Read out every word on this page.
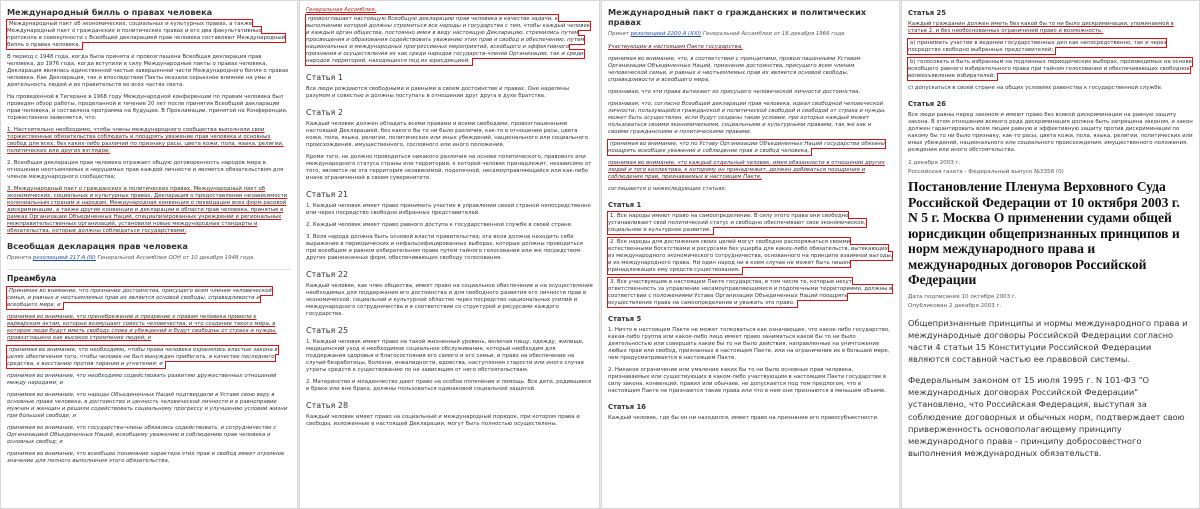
Международный билль о правах человека

Международный пакт об экономических, социальных и культурных правах, а также Международный пакт о гражданских и политических правах и его два факультативных протокола в совокупности с Всеобщей декларацией прав человека составляют Международный билль о правах человека.

В период с 1948 года, когда была принята и провозглашена Всеобщая декларация прав человека, до 1976 года, когда вступили в силу Международные пакты о правах человека, Декларация являлась единственной частью завершенной части Международного билля о правах человека. Как Декларация, так и впоследствии Пакты оказали серьезное влияние на умы и деятельность людей и их правительств во всех частях света.

На проведенной в Тегеране в 1968 году Международной конференции по правам человека был проведен обзор работы, проделанной в течение 20 лет после принятия Всеобщей декларации прав человека, и составлена программа на будущее. В Прокламации, принятой на Конференции, торжественно заявляется, что:

1. Настоятельно необходимо, чтобы члены международного сообщества выполняли свои торжественные обязательства соблюдать и поощрять уважение прав человека и основных свобод для всех, без каких-либо различий по признаку расы, цвета кожи, пола, языка, религии, политических или других взглядов;

2. Всеобщая декларация прав человека отражает общую договоренность народов мира в отношении неотъемлемых и нерушимых прав каждой личности и является обязательством для членов международного сообщества;

3. Международный пакт о гражданских и политических правах, Международный пакт об экономических, социальных и культурных правах, Декларация о предоставлении независимости колониальным странам и народам, Международная конвенция о ликвидации всех форм расовой дискриминации, а также другие конвенции и декларации в области прав человека, принятые в рамках Организации Объединенных Наций, специализированных учреждений и региональных межправительственных организаций, установили новые международные стандарты и обязательства, которые должны соблюдаться государствами;

Всеобщая декларация прав человека
Принята резолюцией 217 A (III) Генеральной Ассамблеи ООН от 10 декабря 1948 года
Преамбула

Принимая во внимание, что признание достоинства, присущего всем членам человеческой семьи, и равных и неотъемлемых прав их является основой свободы, справедливости и всеобщего мира; и

принимая во внимание, что пренебрежение и презрение к правам человека привели к варварским актам, которые возмущают совесть человечества, и что создание такого мира, в котором люди будут иметь свободу слова и убеждений и будут свободны от страха и нужды, провозглашено как высокое стремление людей; и

принимая во внимание, что необходимо, чтобы права человека охранялись властью закона в целях обеспечения того, чтобы человек не был вынужден прибегать, в качестве последнего средства, к восстанию против тирании и угнетения; и

принимая во внимание, что необходимо содействовать развитию дружественных отношений между народами; и

принимая во внимание, что народы Объединенных Наций подтвердили в Уставе свою веру в основные права человека, в достоинство и ценность человеческой личности и в равноправие мужчин и женщин и решили содействовать социальному прогрессу и улучшению условий жизни при большей свободе; и

принимая во внимание, что государства-члены обязались содействовать, в сотрудничестве с Организацией Объединенных Наций, всеобщему уважению и соблюдению прав человека и основных свобод; и

принимая во внимание, что всеобщее понимание характера этих прав и свобод имеет огромное значение для полного выполнения этого обязательства,

Генеральная Ассамблея,

провозглашает настоящую Всеобщую декларацию прав человека в качестве задачи, к выполнению которой должны стремиться все народы и государства с тем, чтобы каждый человек и каждый орган общества, постоянно имея в виду настоящую Декларацию, стремились путем просвещения и образования содействовать уважению этих прав и свобод и обеспечению, путем национальных и международных прогрессивных мероприятий, всеобщего и эффективного признания и осуществления их как среди народов государств-членов Организации, так и среди народов территорий, находящихся под их юрисдикцией.

Статья 1

Все люди рождаются свободными и равными в своем достоинстве и правах. Они наделены разумом и совестью и должны поступать в отношении друг друга в духе братства.

Статья 2

Каждый человек должен обладать всеми правами и всеми свободами, провозглашенными настоящей Декларацией, без какого бы то ни было различия, как-то в отношении расы, цвета кожи, пола, языка, религии, политических или иных убеждений, национального или социального происхождения, имущественного, сословного или иного положения.

Кроме того, не должно проводиться никакого различия на основе политического, правового или международного статуса страны или территории, к которой человек принадлежит, независимо от того, является ли эта территория независимой, подопечной, несамоуправляющейся или как-либо иначе ограниченной в своем суверенитете.

Статья 21

1. Каждый человек имеет право принимать участие в управлении своей страной непосредственно или через посредство свободно избранных представителей.

2. Каждый человек имеет право равного доступа к государственной службе в своей стране.

3. Воля народа должна быть основой власти правительства; эта воля должна находить себе выражение в периодических и нефальсифицированных выборах, которые должны проводиться при всеобщем и равном избирательном праве путем тайного голосования или же посредством других равнозначных форм, обеспечивающих свободу голосования.

Статья 22

Каждый человек, как член общества, имеет право на социальное обеспечение и на осуществление необходимых для поддержания его достоинства и для свободного развития его личности прав в экономической, социальной и культурной областях через посредство национальных усилий и международного сотрудничества и в соответствии со структурой и ресурсами каждого государства.

Статья 25

1. Каждый человек имеет право на такой жизненный уровень, включая пищу, одежду, жилище, медицинский уход и необходимое социальное обслуживание, который необходим для поддержания здоровья и благосостояния его самого и его семьи, и право на обеспечение на случай безработицы, болезни, инвалидности, вдовства, наступления старости или иного случая утраты средств к существованию по не зависящим от него обстоятельствам.

2. Материнство и младенчество дают право на особое попечение и помощь. Все дети, родившиеся в браке или вне брака, должны пользоваться одинаковой социальной защитой.

Статья 28

Каждый человек имеет право на социальный и международный порядок, при котором права и свободы, изложенные в настоящей Декларации, могут быть полностью осуществлены.

Международный пакт о гражданских и политических правах
Принят резолюцией 2200 A (XXI) Генеральной Ассамблеи от 16 декабря 1966 года

Участвующие в настоящем Пакте государства,

принимая во внимание, что, в соответствии с принципами, провозглашенными Уставом Организации Объединенных Наций, признание достоинства, присущего всем членам человеческой семьи, и равных и неотъемлемых прав их является основой свободы, справедливости и всеобщего мира,

признавая, что эти права вытекают из присущего человеческой личности достоинства,

признавая, что, согласно Всеобщей декларации прав человека, идеал свободной человеческой личности, пользующейся гражданской и политической свободой и свободой от страха и нужды, может быть осуществлен, если будут созданы такие условия, при которых каждый может пользоваться своими экономическими, социальными и культурными правами, так же как и своими гражданскими и политическими правами,

принимая во внимание, что по Уставу Организации Объединенных Наций государства обязаны поощрять всеобщее уважение и соблюдение прав и свобод человека,

принимая во внимание, что каждый отдельный человек, имея обязанности в отношении других людей и того коллектива, к которому он принадлежит, должен добиваться поощрения и соблюдения прав, признаваемых в настоящем Пакте,

соглашаются о нижеследующих статьях:

Статья 1

1. Все народы имеют право на самоопределение. В силу этого права они свободно устанавливают свой политический статус и свободно обеспечивают свое экономическое, социальное и культурное развитие.

2. Все народы для достижения своих целей могут свободно распоряжаться своими естественными богатствами и ресурсами без ущерба для каких-либо обязательств, вытекающих из международного экономического сотрудничества, основанного на принципе взаимной выгоды, и из международного права. Ни один народ ни в коем случае не может быть лишен принадлежащих ему средств существования.

3. Все участвующие в настоящем Пакте государства, в том числе те, которые несут ответственность за управление несамоуправляющимися и подопечными территориями, должны в соответствии с положениями Устава Организации Объединенных Наций поощрять осуществление права на самоопределение и уважать это право.

Статья 5

1. Ничто в настоящем Пакте не может толковаться как означающее, что какое-либо государство, какая-либо группа или какое-либо лицо имеет право заниматься какой бы то ни было деятельностью или совершать какие бы то ни было действия, направленные на уничтожение любых прав или свобод, признанных в настоящем Пакте, или на ограничение их в большей мере, чем предусматривается в настоящем Пакте.

2. Никакое ограничение или умаление каких бы то ни было основных прав человека, признаваемых или существующих в каком-либо участвующем в настоящем Пакте государстве в силу закона, конвенций, правил или обычаев, не допускается под тем предлогом, что в настоящем Пакте не признаются такие права или что в нем они признаются в меньшем объеме.

Статья 16

Каждый человек, где бы он ни находился, имеет право на признание его правосубъектности.

Статья 25

Каждый гражданин должен иметь без какой бы то ни было дискриминации, упоминаемой в статье 2, и без необоснованных ограничений право и возможность:

a) принимать участие в ведении государственных дел как непосредственно, так и через посредство свободно выбранных представителей;

b) голосовать и быть избранным на подлинных периодических выборах, производимых на основе всеобщего равного избирательного права при тайном голосовании и обеспечивающих свободное волеизъявление избирателей;

c) допускаться в своей стране на общих условиях равенства к государственной службе.

Статья 26

Все люди равны перед законом и имеют право без всякой дискриминации на равную защиту закона. В этом отношении всякого рода дискриминация должна быть запрещена законом, и закон должен гарантировать всем лицам равную и эффективную защиту против дискриминации по какому бы то ни было признаку, как-то расы, цвета кожи, пола, языка, религии, политических или иных убеждений, национального или социального происхождения, имущественного положения, рождения или иного обстоятельства.

2 декабря 2003 г.
Российская газета - Федеральный выпуск №3358 (0)
Постановление Пленума Верховного Суда Российской Федерации от 10 октября 2003 г. N 5 г. Москва О применении судами общей юрисдикции общепризнанных принципов и норм международного права и международных договоров Российской Федерации
Дата подписания 10 октября 2003 г.
Опубликован 2 декабря 2003 г.

Общепризнанные принципы и нормы международного права и международные договоры Российской Федерации согласно части 4 статьи 15 Конституции Российской Федерации являются составной частью ее правовой системы.

Федеральным законом от 15 июля 1995 г. N 101-ФЗ "О международных договорах Российской Федерации" установлено, что Российская Федерация, выступая за соблюдение договорных и обычных норм, подтверждает свою приверженность основополагающему принципу международного права - принципу добросовестного выполнения международных обязательств.
